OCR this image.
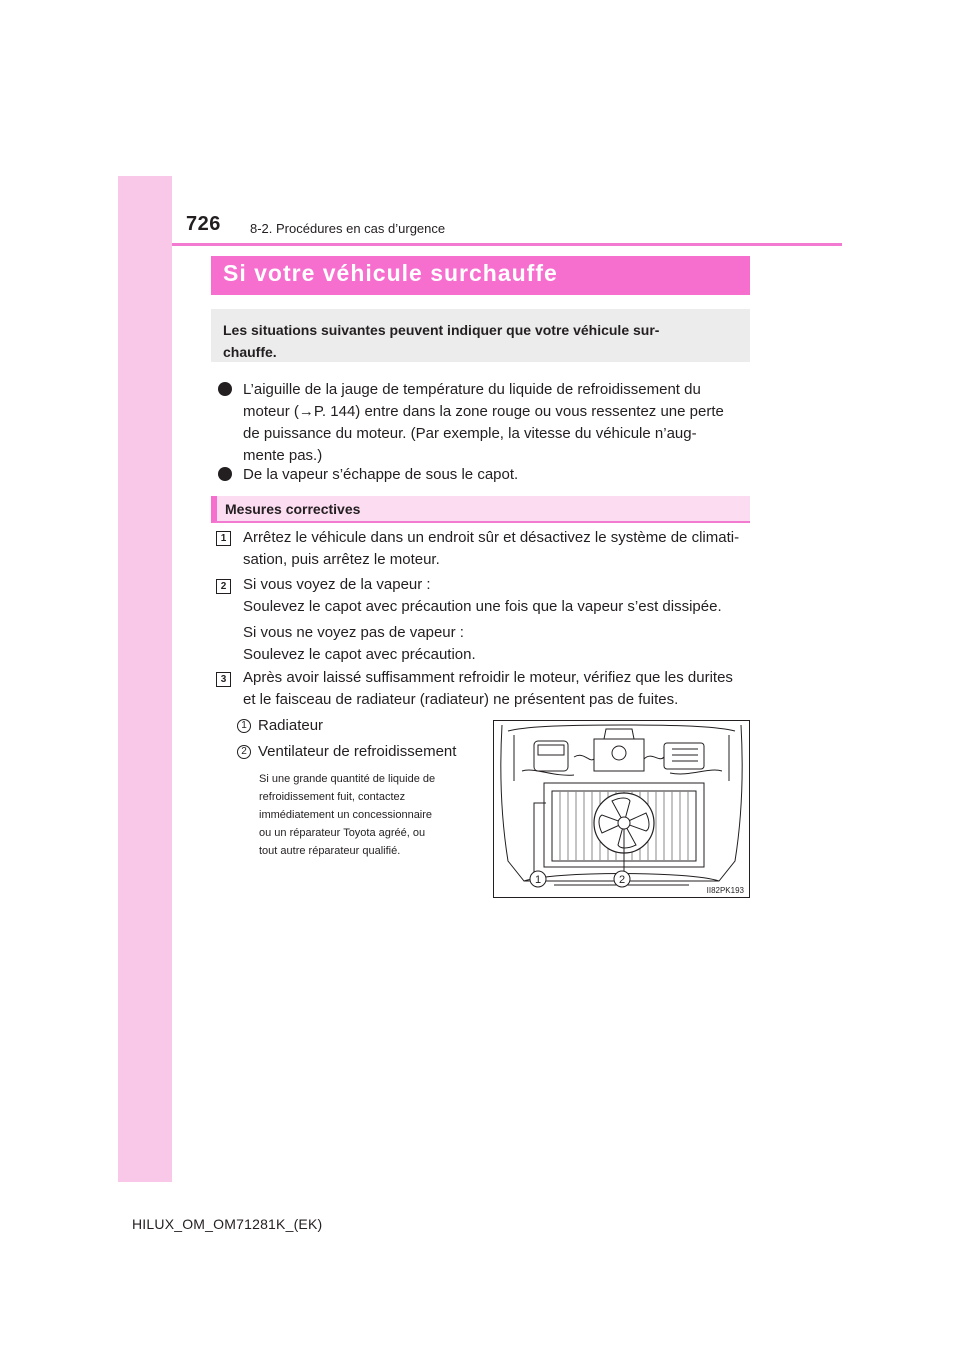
726 8-2. Procédures en cas d’urgence
Si votre véhicule surchauffe
Les situations suivantes peuvent indiquer que votre véhicule sur-
chauffe.
L’aiguille de la jauge de température du liquide de refroidissement du
moteur (→P. 144) entre dans la zone rouge ou vous ressentez une perte
de puissance du moteur. (Par exemple, la vitesse du véhicule n’aug-
mente pas.)
De la vapeur s’échappe de sous le capot.
Mesures correctives
1	Arrêtez le véhicule dans un endroit sûr et désactivez le système de climati-
sation, puis arrêtez le moteur.
2	Si vous voyez de la vapeur :
Soulevez le capot avec précaution une fois que la vapeur s’est dissipée.
Si vous ne voyez pas de vapeur :
Soulevez le capot avec précaution.
3	Après avoir laissé suffisamment refroidir le moteur, vérifiez que les durites
et le faisceau de radiateur (radiateur) ne présentent pas de fuites.
1 Radiateur
2 Ventilateur de refroidissement
Si une grande quantité de liquide de
refroidissement fuit, contactez
immédiatement un concessionnaire
ou un réparateur Toyota agréé, ou
tout autre réparateur qualifié.
1	2
II82PK193
HILUX_OM_OM71281K_(EK)
